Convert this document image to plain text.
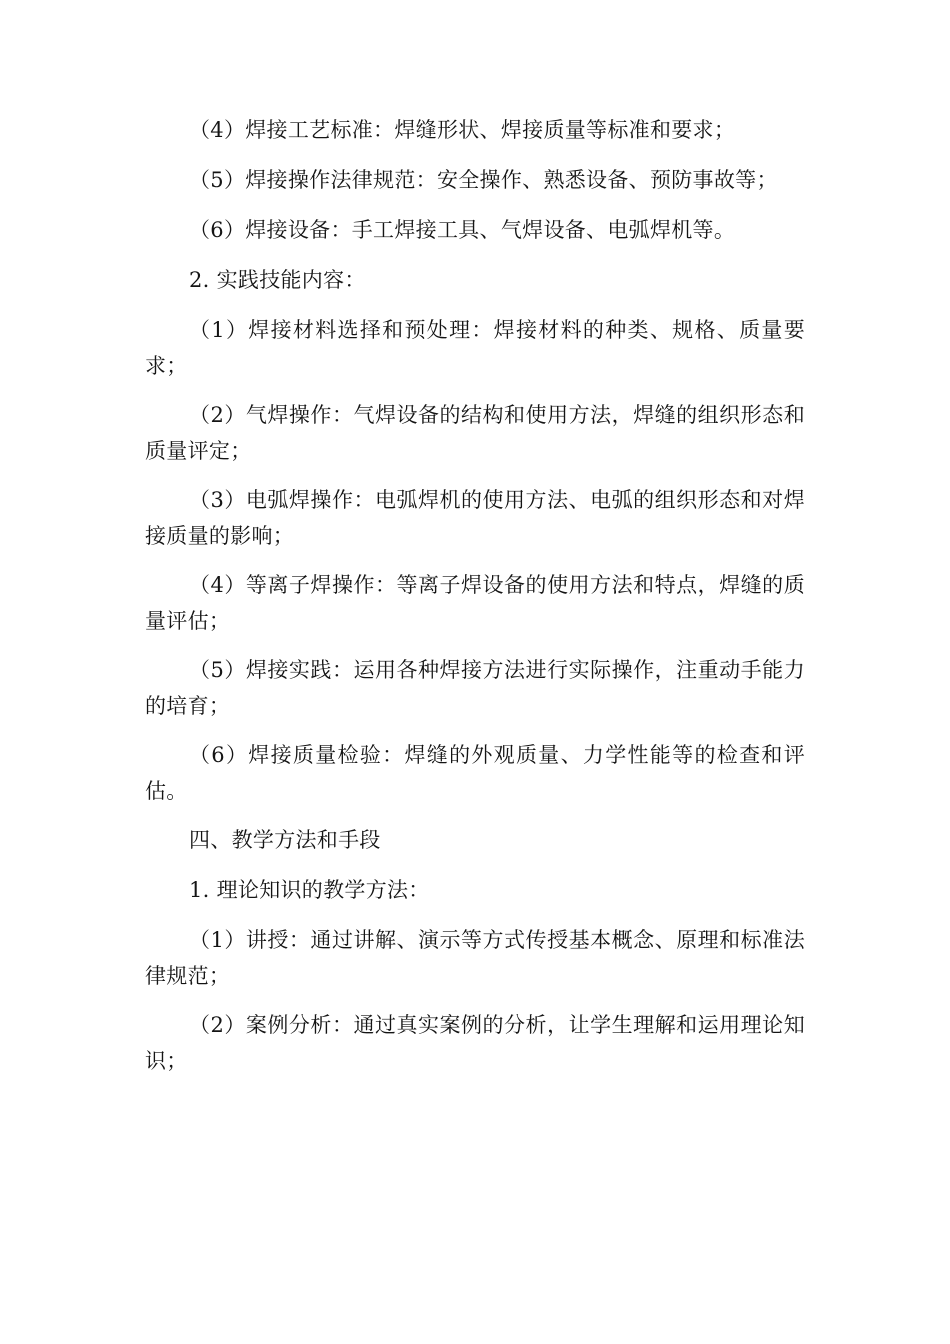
（4）焊接工艺标准：焊缝形状、焊接质量等标准和要求；

（5）焊接操作法律规范：安全操作、熟悉设备、预防事故等；

（6）焊接设备：手工焊接工具、气焊设备、电弧焊机等。

2. 实践技能内容：

（1）焊接材料选择和预处理：焊接材料的种类、规格、质量要求；

（2）气焊操作：气焊设备的结构和使用方法，焊缝的组织形态和质量评定；

（3）电弧焊操作：电弧焊机的使用方法、电弧的组织形态和对焊接质量的影响；

（4）等离子焊操作：等离子焊设备的使用方法和特点，焊缝的质量评估；

（5）焊接实践：运用各种焊接方法进行实际操作，注重动手能力的培育；

（6）焊接质量检验：焊缝的外观质量、力学性能等的检查和评估。

四、教学方法和手段

1. 理论知识的教学方法：

（1）讲授：通过讲解、演示等方式传授基本概念、原理和标准法律规范；

（2）案例分析：通过真实案例的分析，让学生理解和运用理论知识；
